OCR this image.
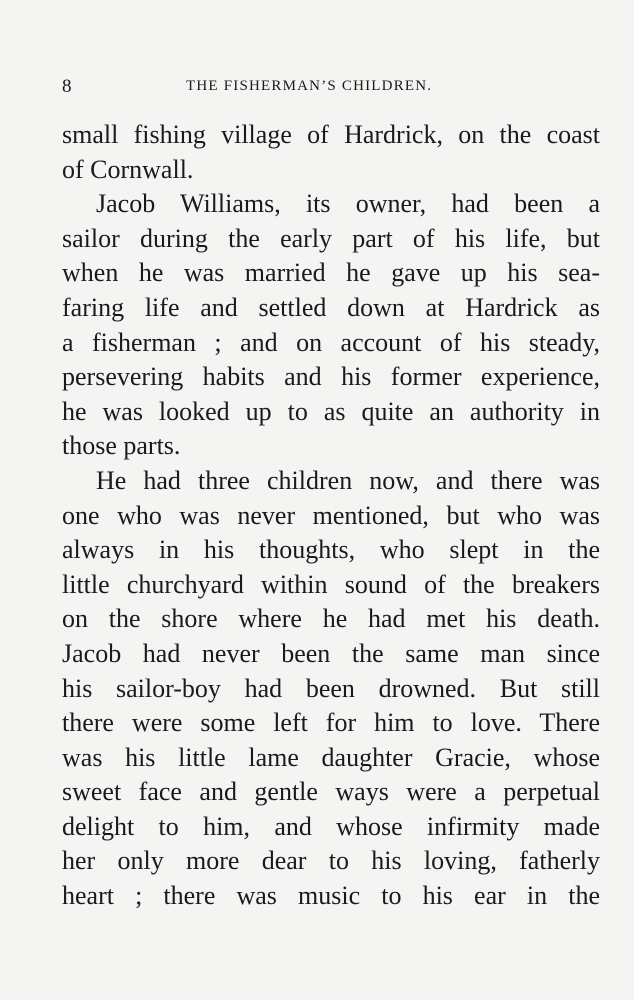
8	THE FISHERMAN’S CHILDREN.
small fishing village of Hardrick, on the coast
of Cornwall.
Jacob Williams, its owner, had been a
sailor during the early part of his life, but
when he was married he gave up his sea-
faring life and settled down at Hardrick as
a fisherman ; and on account of his steady,
persevering habits and his former experience,
he was looked up to as quite an authority in
those parts.
He had three children now, and there was
one who was never mentioned, but who was
always in his thoughts, who slept in the
little churchyard within sound of the breakers
on the shore where he had met his death.
Jacob had never been the same man since
his sailor-boy had been drowned. But still
there were some left for him to love. There
was his little lame daughter Gracie, whose
sweet face and gentle ways were a perpetual
delight to him, and whose infirmity made
her only more dear to his loving, fatherly
heart ; there was music to his ear in the
